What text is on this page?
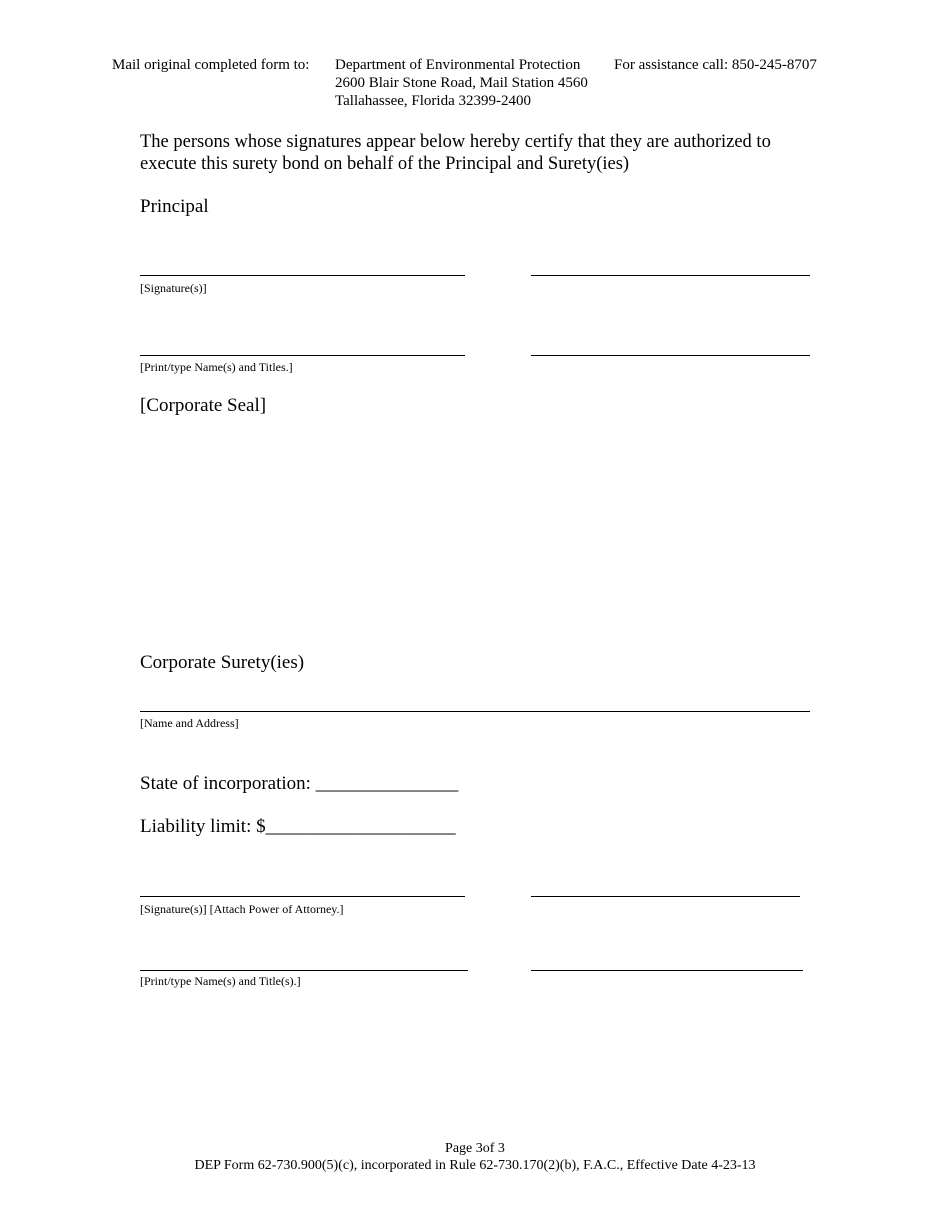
Mail original completed form to: Department of Environmental Protection
2600 Blair Stone Road, Mail Station 4560
Tallahassee, Florida 32399-2400
For assistance call: 850-245-8707
The persons whose signatures appear below hereby certify that they are authorized to
execute this surety bond on behalf of the Principal and Surety(ies)
Principal
[Signature(s)]
[Print/type Name(s) and Titles.]
[Corporate Seal]
Corporate Surety(ies)
[Name and Address]
State of incorporation: _______________
Liability limit: $____________________
[Signature(s)] [Attach Power of Attorney.]
[Print/type Name(s) and Title(s).]
Page 3of 3
DEP Form 62-730.900(5)(c), incorporated in Rule 62-730.170(2)(b), F.A.C., Effective Date 4-23-13
